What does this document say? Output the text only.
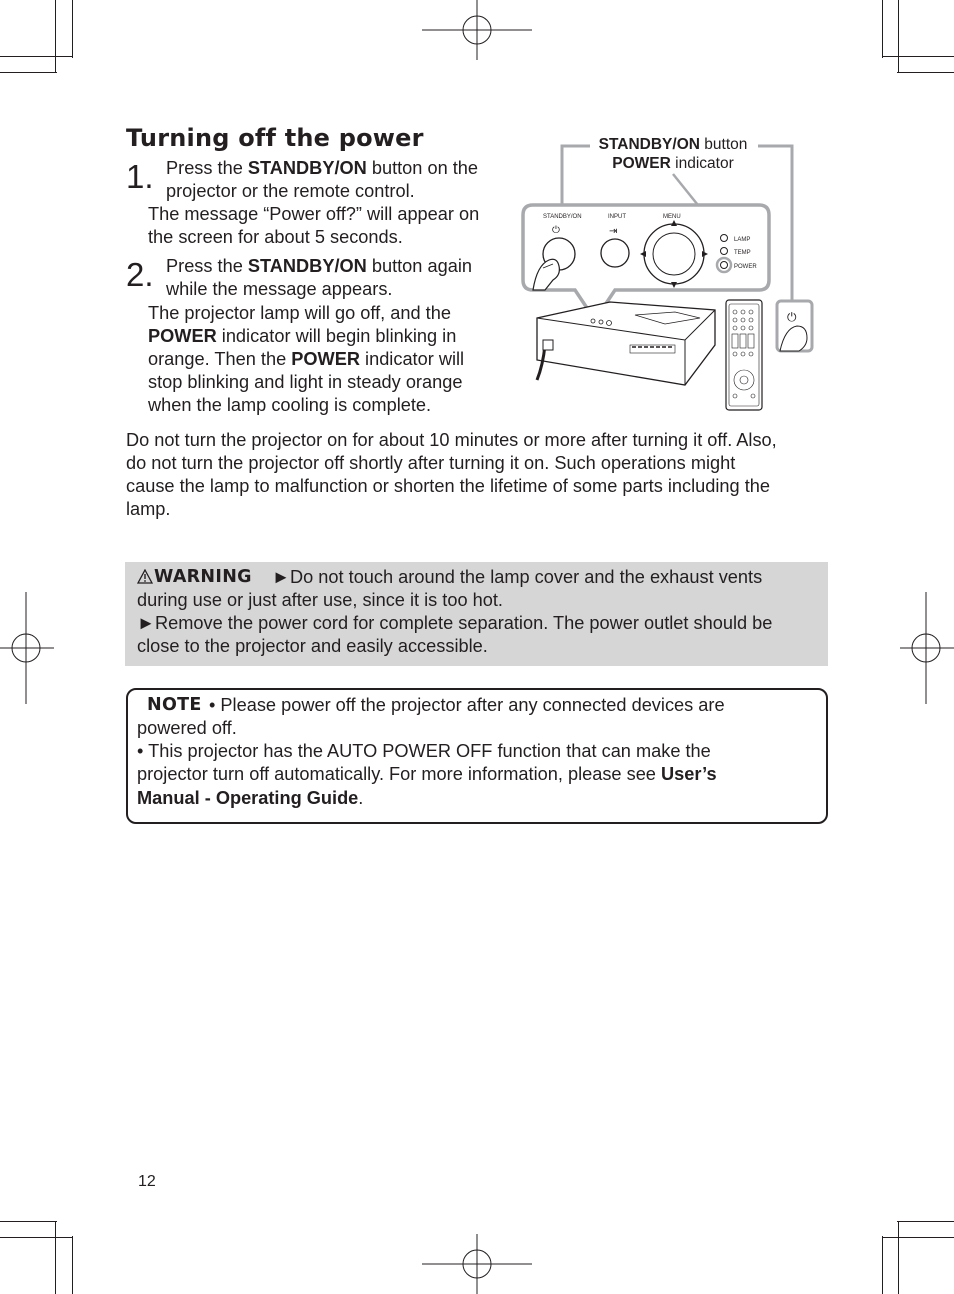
Turning off the power
1. Press the STANDBY/ON button on the
projector or the remote control.
The message “Power off?” will appear on
the screen for about 5 seconds.
2. Press the STANDBY/ON button again
while the message appears.
The projector lamp will go off, and the
POWER indicator will begin blinking in
orange. Then the POWER indicator will
stop blinking and light in steady orange
when the lamp cooling is complete.
STANDBY/ON button
POWER indicator
STANDBY/ON	INPUT	MENU
LAMP
TEMP
POWER
⏻	⇥
⏻
Do not turn the projector on for about 10 minutes or more after turning it off. Also,
do not turn the projector off shortly after turning it on. Such operations might
cause the lamp to malfunction or shorten the lifetime of some parts including the
lamp.
WARNING ►Do not touch around the lamp cover and the exhaust vents
during use or just after use, since it is too hot.
►Remove the power cord for complete separation. The power outlet should be
close to the projector and easily accessible.
NOTE • Please power off the projector after any connected devices are
powered off.
• This projector has the AUTO POWER OFF function that can make the
projector turn off automatically. For more information, please see User’s
Manual - Operating Guide.
12
